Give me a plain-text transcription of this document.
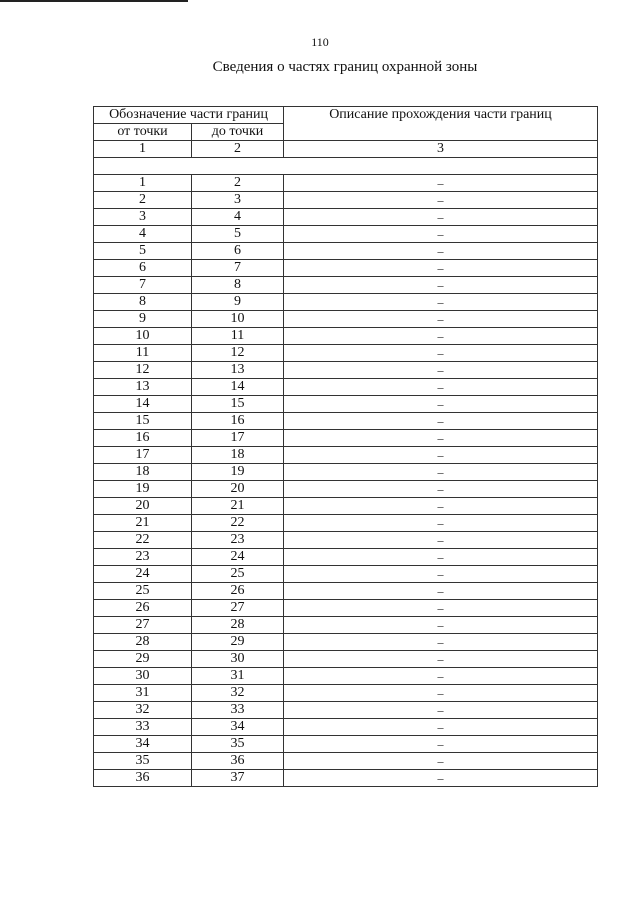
110
Сведения о частях границ охранной зоны
Обозначение части границ		Описание прохождения части границ
от точки	до точки	
1	2	3

1	2	–
2	3	–
3	4	–
4	5	–
5	6	–
6	7	–
7	8	–
8	9	–
9	10	–
10	11	–
11	12	–
12	13	–
13	14	–
14	15	–
15	16	–
16	17	–
17	18	–
18	19	–
19	20	–
20	21	–
21	22	–
22	23	–
23	24	–
24	25	–
25	26	–
26	27	–
27	28	–
28	29	–
29	30	–
30	31	–
31	32	–
32	33	–
33	34	–
34	35	–
35	36	–
36	37	–
